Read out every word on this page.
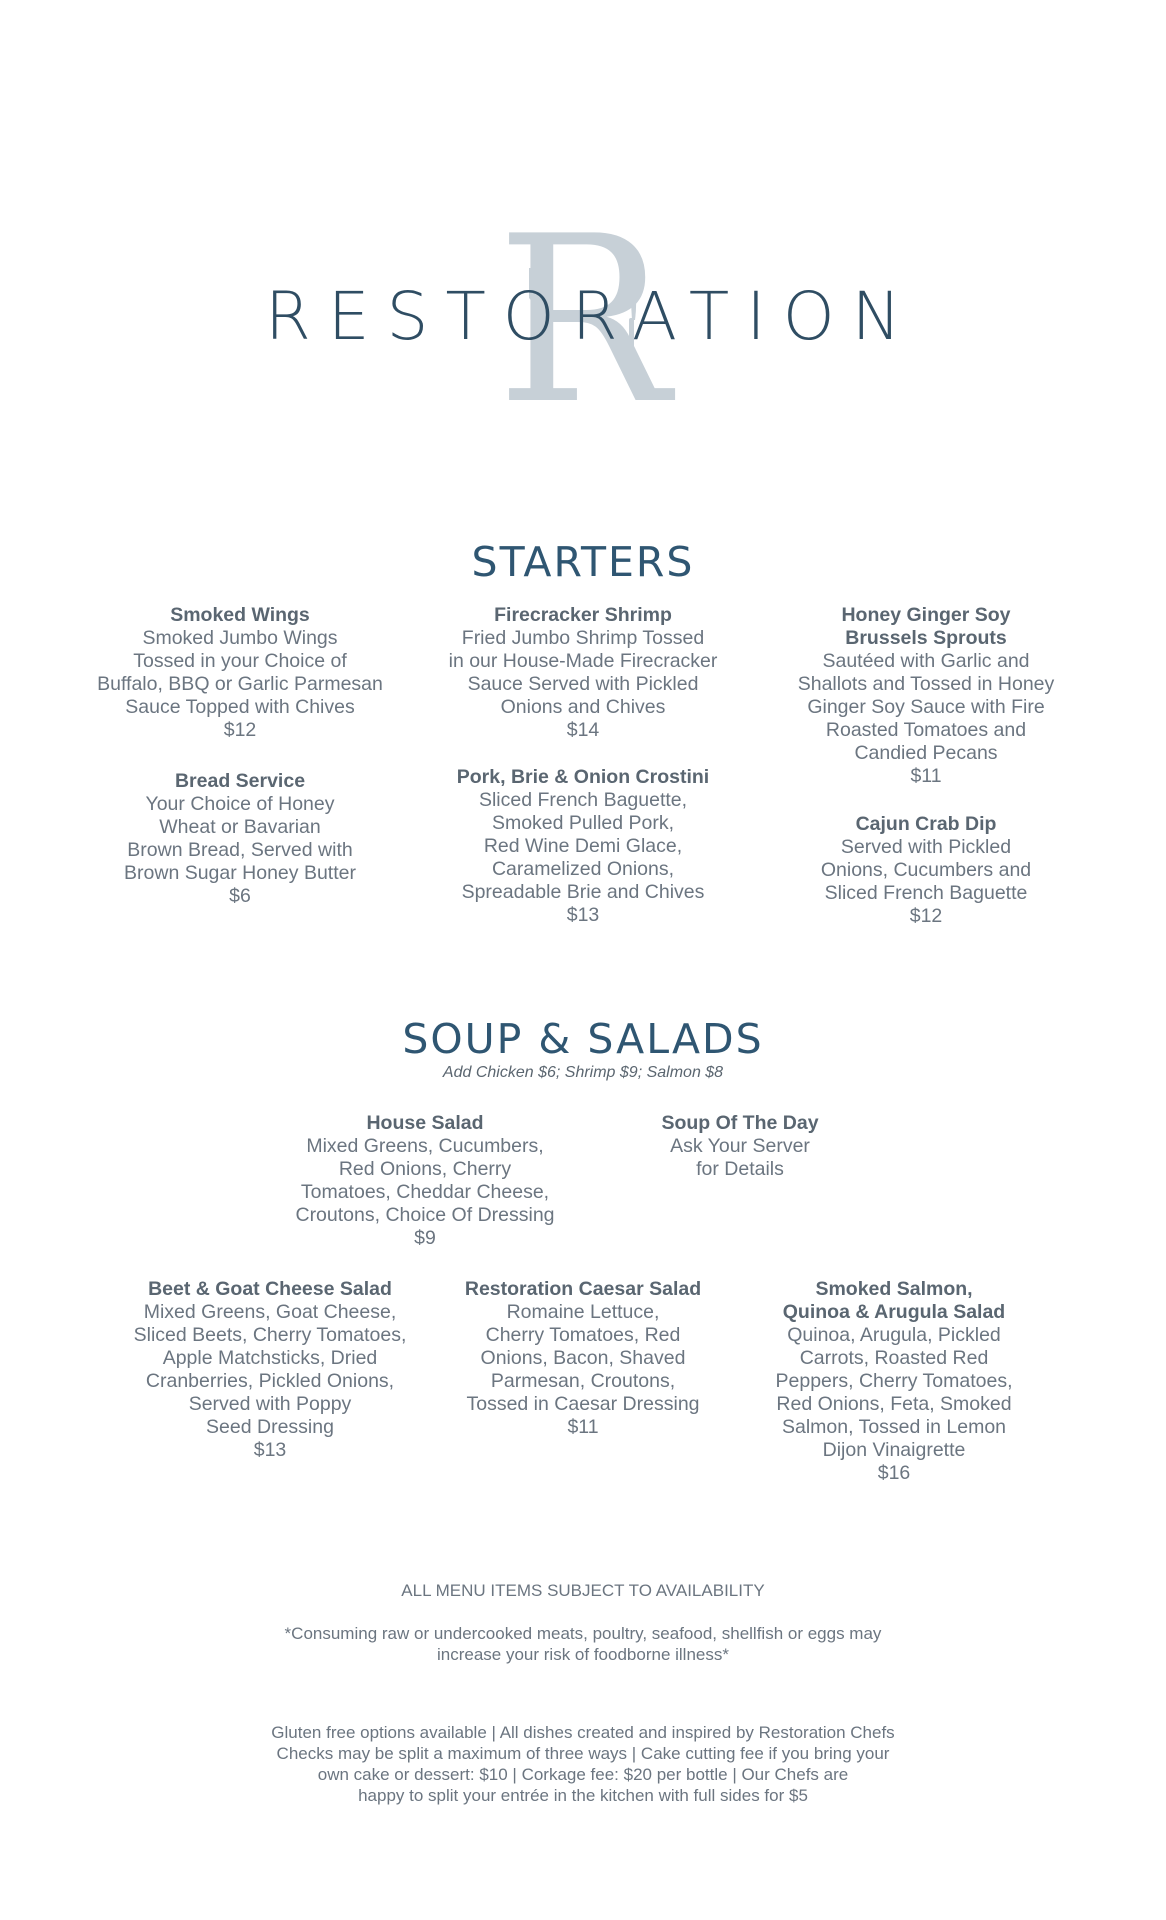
R
RESTORATION
STARTERS
Smoked Wings
Smoked Jumbo Wings
Tossed in your Choice of
Buffalo, BBQ or Garlic Parmesan
Sauce Topped with Chives
$12
Firecracker Shrimp
Fried Jumbo Shrimp Tossed
in our House-Made Firecracker
Sauce Served with Pickled
Onions and Chives
$14
Honey Ginger Soy
Brussels Sprouts
Sautéed with Garlic and
Shallots and Tossed in Honey
Ginger Soy Sauce with Fire
Roasted Tomatoes and
Candied Pecans
$11
Bread Service
Your Choice of Honey
Wheat or Bavarian
Brown Bread, Served with
Brown Sugar Honey Butter
$6
Pork, Brie & Onion Crostini
Sliced French Baguette,
Smoked Pulled Pork,
Red Wine Demi Glace,
Caramelized Onions,
Spreadable Brie and Chives
$13
Cajun Crab Dip
Served with Pickled
Onions, Cucumbers and
Sliced French Baguette
$12
SOUP & SALADS
Add Chicken $6; Shrimp $9; Salmon $8
House Salad
Mixed Greens, Cucumbers,
Red Onions, Cherry
Tomatoes, Cheddar Cheese,
Croutons, Choice Of Dressing
$9
Soup Of The Day
Ask Your Server
for Details
Beet & Goat Cheese Salad
Mixed Greens, Goat Cheese,
Sliced Beets, Cherry Tomatoes,
Apple Matchsticks, Dried
Cranberries, Pickled Onions,
Served with Poppy
Seed Dressing
$13
Restoration Caesar Salad
Romaine Lettuce,
Cherry Tomatoes, Red
Onions, Bacon, Shaved
Parmesan, Croutons,
Tossed in Caesar Dressing
$11
Smoked Salmon,
Quinoa & Arugula Salad
Quinoa, Arugula, Pickled
Carrots, Roasted Red
Peppers, Cherry Tomatoes,
Red Onions, Feta, Smoked
Salmon, Tossed in Lemon
Dijon Vinaigrette
$16
ALL MENU ITEMS SUBJECT TO AVAILABILITY
*Consuming raw or undercooked meats, poultry, seafood, shellfish or eggs may
increase your risk of foodborne illness*
Gluten free options available | All dishes created and inspired by Restoration Chefs
Checks may be split a maximum of three ways | Cake cutting fee if you bring your
own cake or dessert: $10 | Corkage fee: $20 per bottle | Our Chefs are
happy to split your entrée in the kitchen with full sides for $5
